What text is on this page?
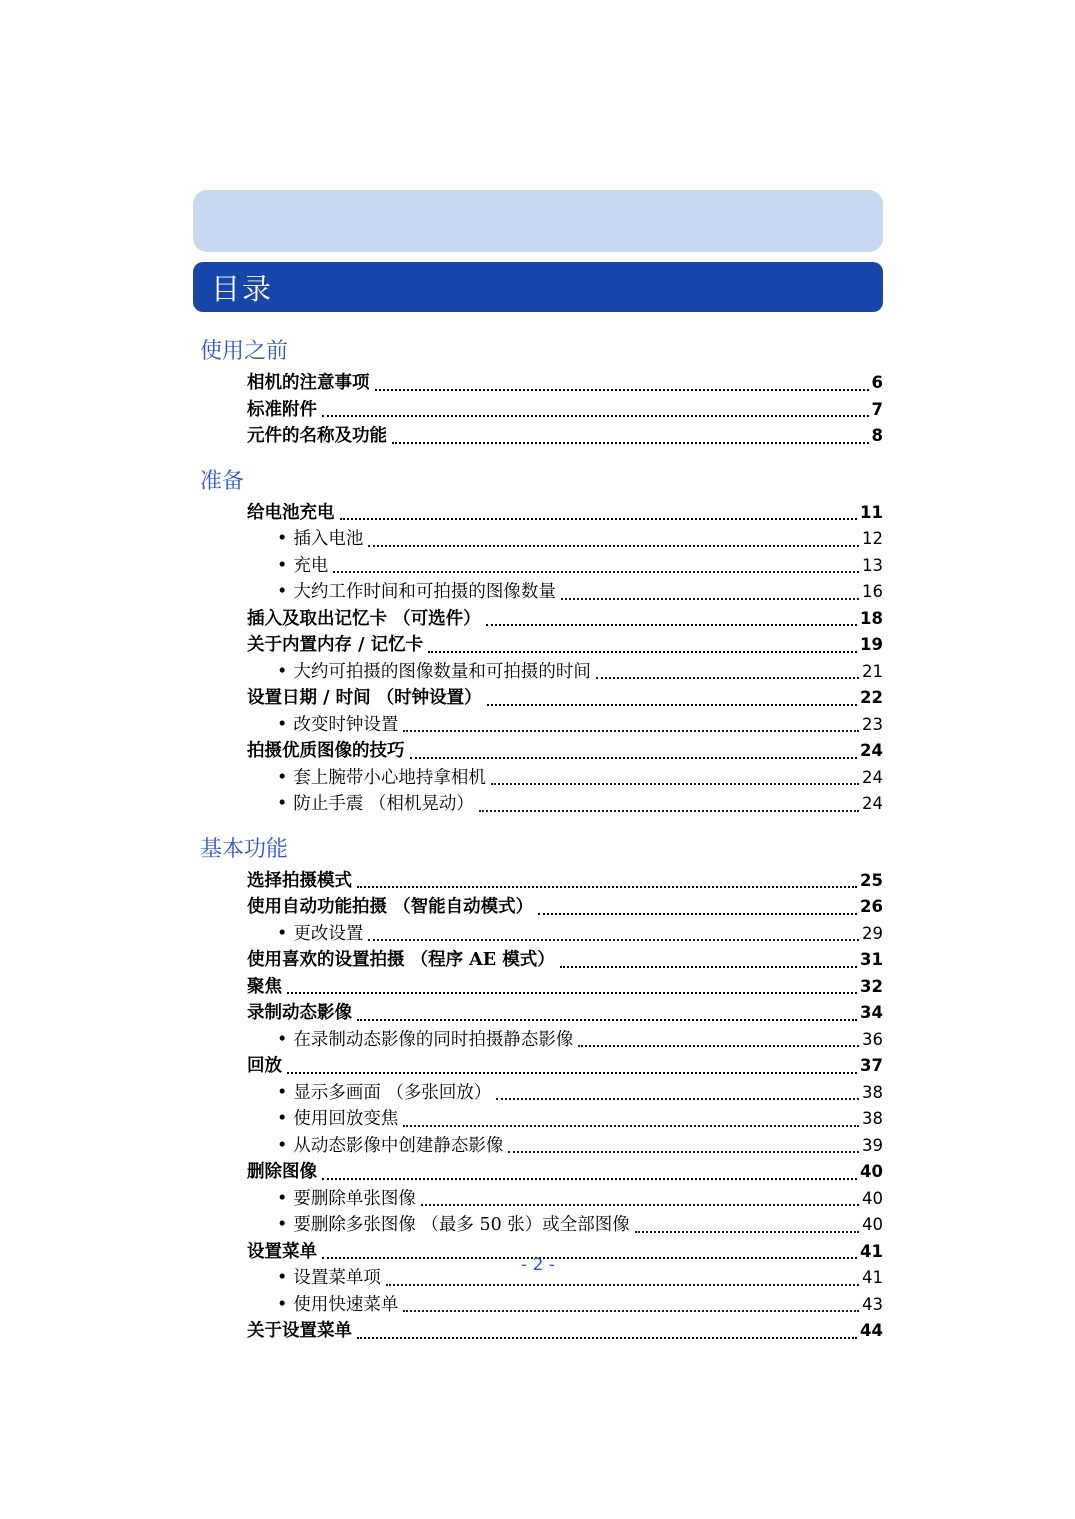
目录
使用之前
相机的注意事项	6
标准附件	7
元件的名称及功能	8
准备
给电池充电	11
• 插入电池	12
• 充电	13
• 大约工作时间和可拍摄的图像数量	16
插入及取出记忆卡 （可选件）	18
关于内置内存 / 记忆卡	19
• 大约可拍摄的图像数量和可拍摄的时间	21
设置日期 / 时间 （时钟设置）	22
• 改变时钟设置	23
拍摄优质图像的技巧	24
• 套上腕带小心地持拿相机	24
• 防止手震 （相机晃动）	24
基本功能
选择拍摄模式	25
使用自动功能拍摄 （智能自动模式）	26
• 更改设置	29
使用喜欢的设置拍摄 （程序 AE 模式）	31
聚焦	32
录制动态影像	34
• 在录制动态影像的同时拍摄静态影像	36
回放	37
• 显示多画面 （多张回放）	38
• 使用回放变焦	38
• 从动态影像中创建静态影像	39
删除图像	40
• 要删除单张图像	40
• 要删除多张图像 （最多 50 张）或全部图像	40
设置菜单	41
• 设置菜单项	41
• 使用快速菜单	43
关于设置菜单	44
- 2 -
